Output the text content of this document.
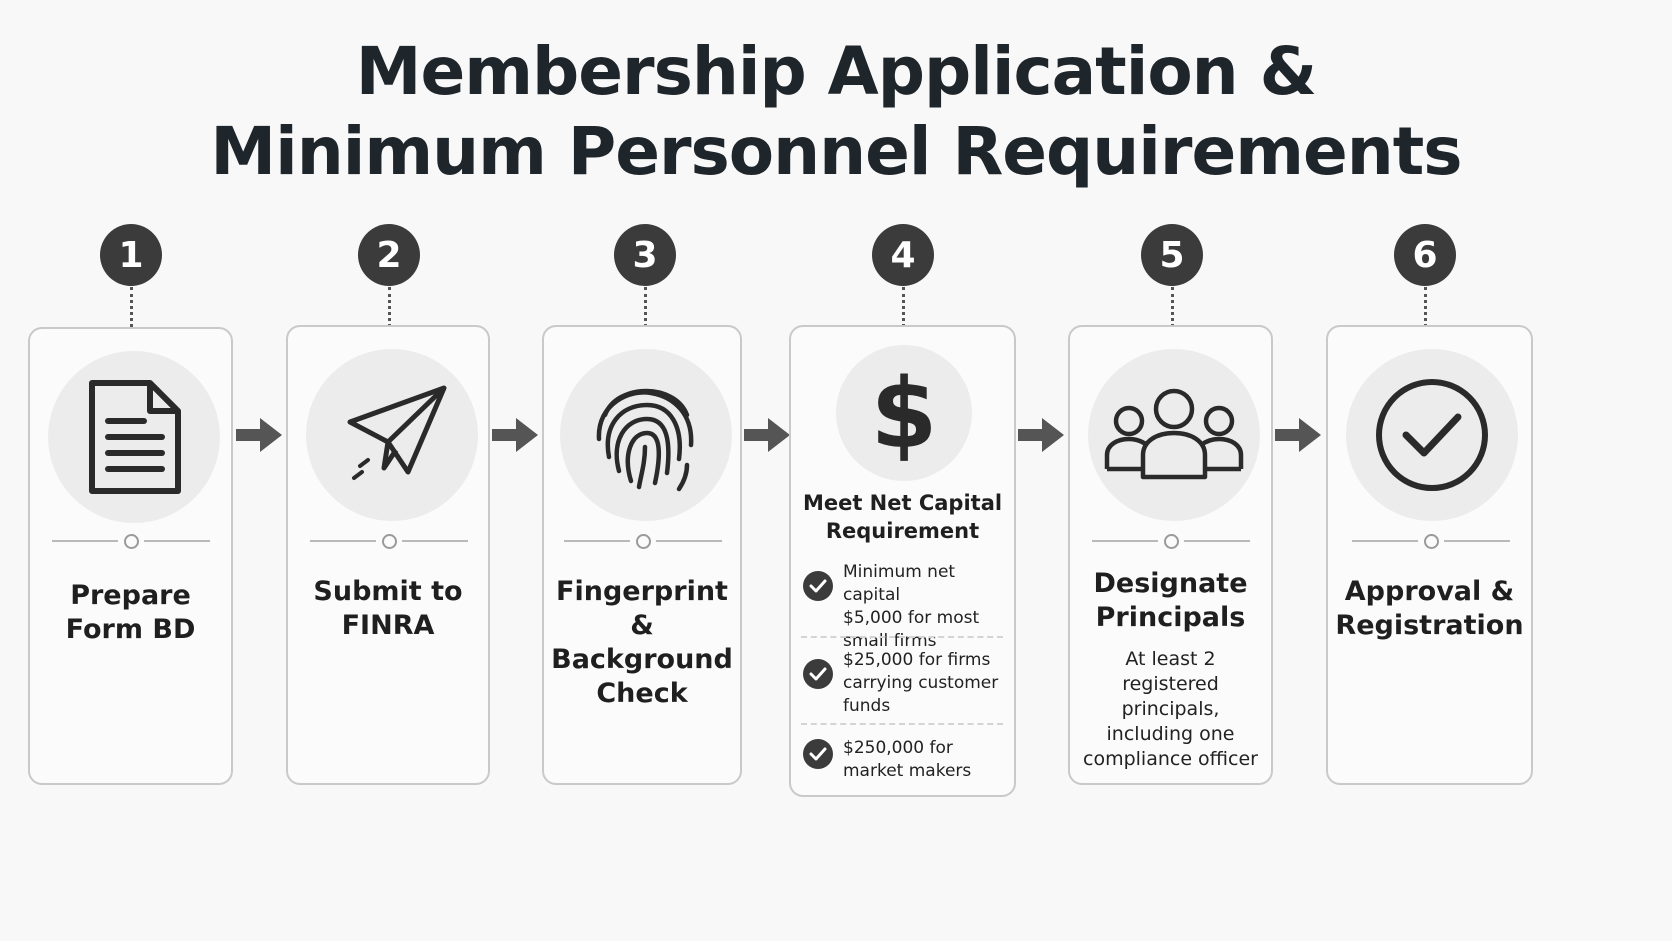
Membership Application &
Minimum Personnel Requirements
1
Prepare
Form BD
2
Submit to
FINRA
3
Fingerprint &
Background
Check
4
$
Meet Net Capital
Requirement
Minimum net capital
$5,000 for most
small firms
$25,000 for firms
carrying customer
funds
$250,000 for
market makers
5
Designate
Principals
At least 2
registered
principals,
including one
compliance officer
6
Approval &
Registration
